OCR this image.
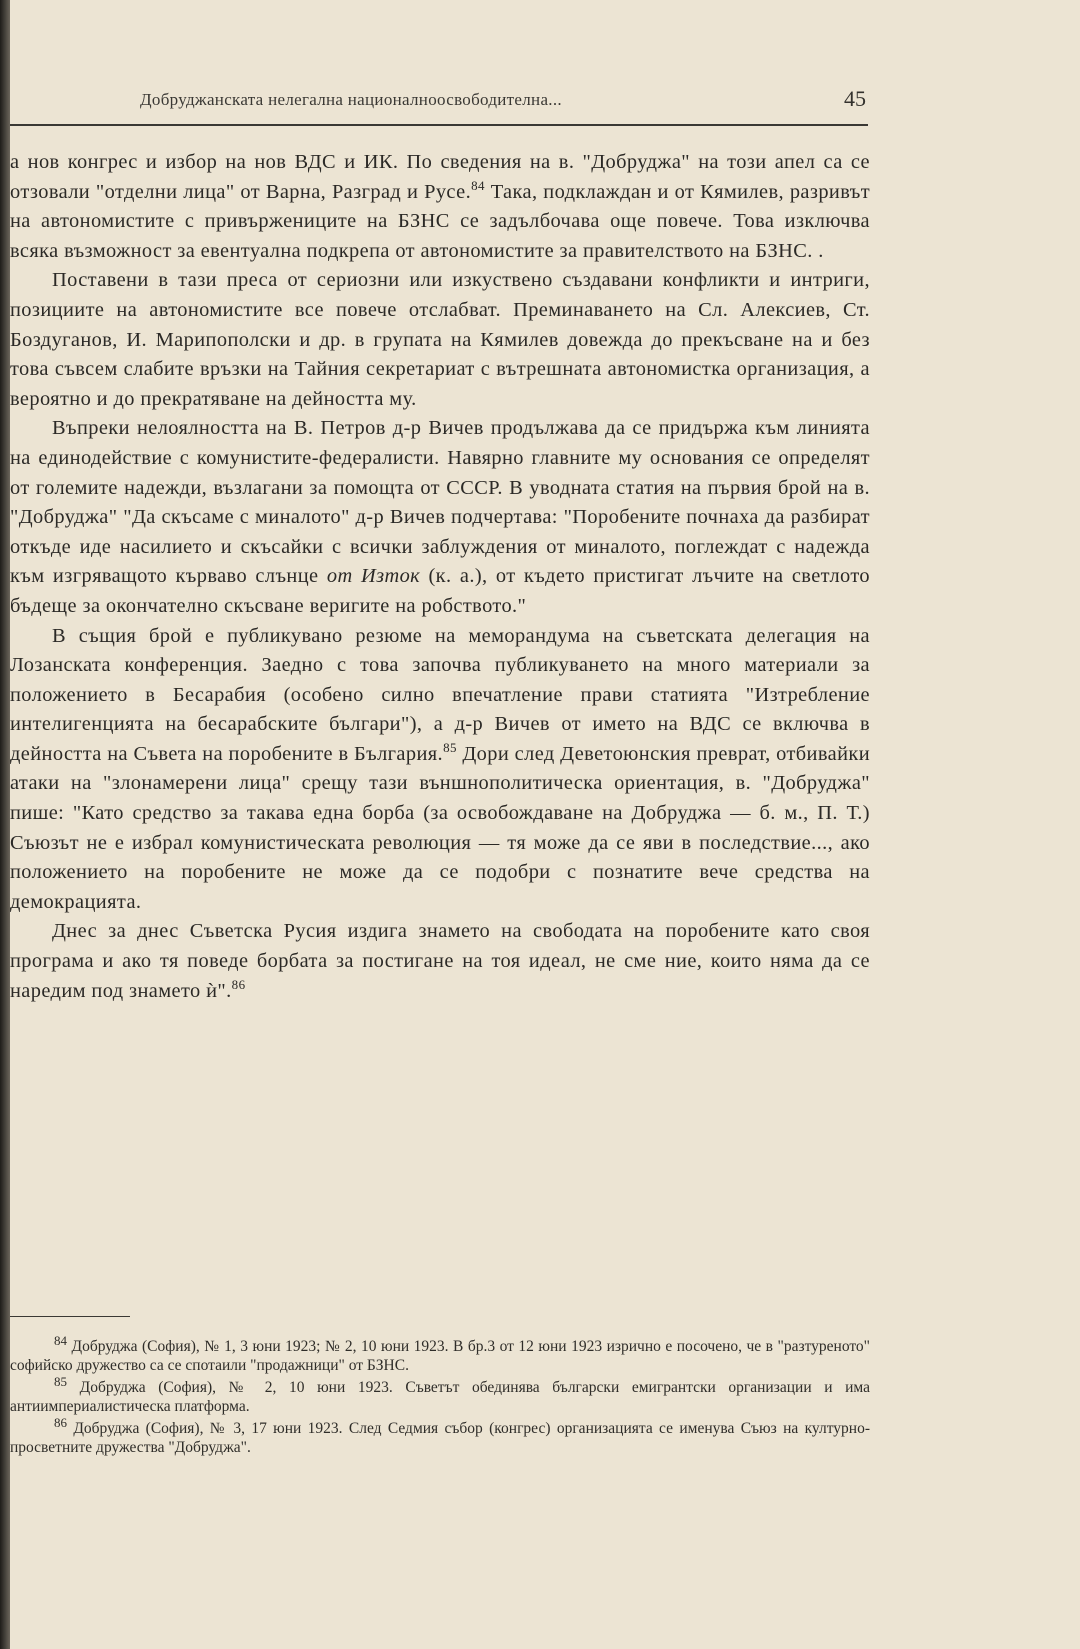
Добруджанската нелегална националноосвободителна...	45

а нов конгрес и избор на нов ВДС и ИК. По сведения на в. "Добруджа" на този апел са се отзовали "отделни лица" от Варна, Разград и Русе.$^{84}$ Така, подклаждан и от Кямилев, разривът на автономистите с привържениците на БЗНС се задълбочава още повече. Това изключва всяка възможност за евентуална подкрепа от автономистите за правителството на БЗНС. .

Поставени в тази преса от сериозни или изкуствено създавани конфликти и интриги, позициите на автономистите все повече отслабват. Преминаването на Сл. Алексиев, Ст. Боздуганов, И. Марипополски и др. в групата на Кямилев довежда до прекъсване на и без това съвсем слабите връзки на Тайния секретариат с вътрешната автономистка организация, а вероятно и до прекратяване на дейността му.

Въпреки нелоялността на В. Петров д-р Вичев продължава да се придържа към линията на единодействие с комунистите-федералисти. Навярно главните му основания се определят от големите надежди, възлагани за помощта от СССР. В уводната статия на първия брой на в. "Добруджа" "Да скъсаме с миналото" д-р Вичев подчертава: "Поробените почнаха да разбират откъде иде насилието и скъсайки с всички заблуждения от миналото, поглеждат с надежда към изгряващото кърваво слънце от Изток (к. а.), от където пристигат лъчите на светлото бъдеще за окончателно скъсване веригите на робството."

В същия брой е публикувано резюме на меморандума на съветската делегация на Лозанската конференция. Заедно с това започва публикуването на много материали за положението в Бесарабия (особено силно впечатление прави статията "Изтребление интелигенцията на бесарабските българи"), а д-р Вичев от името на ВДС се включва в дейността на Съвета на поробените в България.$^{85}$ Дори след Деветоюнския преврат, отбивайки атаки на "злонамерени лица" срещу тази външнополитическа ориентация, в. "Добруджа" пише: "Като средство за такава една борба (за освобождаване на Добруджа — б. м., П. Т.) Съюзът не е избрал комунистическата революция — тя може да се яви в последствие..., ако положението на поробените не може да се подобри с познатите вече средства на демокрацията.

Днес за днес Съветска Русия издига знамето на свободата на поробените като своя програма и ако тя поведе борбата за постигане на тоя идеал, не сме ние, които няма да се наредим под знамето ѝ".$^{86}$

$^{84}$ Добруджа (София), № 1, 3 юни 1923; № 2, 10 юни 1923. В бр.3 от 12 юни 1923 изрично е посочено, че в "разтуреното" софийско дружество са се спотаили "продажници" от БЗНС.

$^{85}$ Добруджа (София), № 2, 10 юни 1923. Съветът обединява български емигрантски организации и има антиимпериалистическа платформа.

$^{86}$ Добруджа (София), № 3, 17 юни 1923. След Седмия събор (конгрес) организацията се именува Съюз на културно-просветните дружества "Добруджа".
